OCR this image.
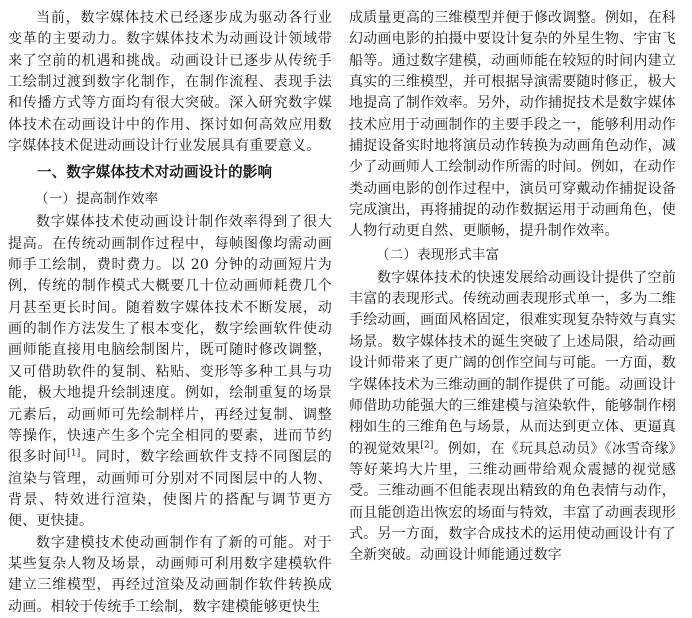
当前，数字媒体技术已经逐步成为驱动各行业变革的主要动力。数字媒体技术为动画设计领域带来了空前的机遇和挑战。动画设计已逐步从传统手工绘制过渡到数字化制作，在制作流程、表现手法和传播方式等方面均有很大突破。深入研究数字媒体技术在动画设计中的作用、探讨如何高效应用数字媒体技术促进动画设计行业发展具有重要意义。

一、数字媒体技术对动画设计的影响
（一）提高制作效率

数字媒体技术使动画设计制作效率得到了很大提高。在传统动画制作过程中，每帧图像均需动画师手工绘制，费时费力。以 20 分钟的动画短片为例，传统的制作模式大概要几十位动画师耗费几个月甚至更长时间。随着数字媒体技术不断发展，动画的制作方法发生了根本变化，数字绘画软件使动画师能直接用电脑绘制图片，既可随时修改调整，又可借助软件的复制、粘贴、变形等多种工具与功能，极大地提升绘制速度。例如，绘制重复的场景元素后，动画师可先绘制样片，再经过复制、调整等操作，快速产生多个完全相同的要素，进而节约很多时间[1]。同时，数字绘画软件支持不同图层的渲染与管理，动画师可分别对不同图层中的人物、背景、特效进行渲染，使图片的搭配与调节更方便、更快捷。

数字建模技术使动画制作有了新的可能。对于某些复杂人物及场景，动画师可利用数字建模软件建立三维模型，再经过渲染及动画制作软件转换成动画。相较于传统手工绘制，数字建模能够更快生

成质量更高的三维模型并便于修改调整。例如，在科幻动画电影的拍摄中要设计复杂的外星生物、宇宙飞船等。通过数字建模，动画师能在较短的时间内建立真实的三维模型，并可根据导演需要随时修正，极大地提高了制作效率。另外，动作捕捉技术是数字媒体技术应用于动画制作的主要手段之一，能够利用动作捕捉设备实时地将演员动作转换为动画角色动作，减少了动画师人工绘制动作所需的时间。例如，在动作类动画电影的创作过程中，演员可穿戴动作捕捉设备完成演出，再将捕捉的动作数据运用于动画角色，使人物行动更自然、更顺畅，提升制作效率。

（二）表现形式丰富

数字媒体技术的快速发展给动画设计提供了空前丰富的表现形式。传统动画表现形式单一，多为二维手绘动画，画面风格固定，很难实现复杂特效与真实场景。数字媒体技术的诞生突破了上述局限，给动画设计师带来了更广阔的创作空间与可能。一方面，数字媒体技术为三维动画的制作提供了可能。动画设计师借助功能强大的三维建模与渲染软件，能够制作栩栩如生的三维角色与场景，从而达到更立体、更逼真的视觉效果[2]。例如，在《玩具总动员》《冰雪奇缘》等好莱坞大片里，三维动画带给观众震撼的视觉感受。三维动画不但能表现出精致的角色表情与动作，而且能创造出恢宏的场面与特效，丰富了动画表现形式。另一方面，数字合成技术的运用使动画设计有了全新突破。动画设计师能通过数字
